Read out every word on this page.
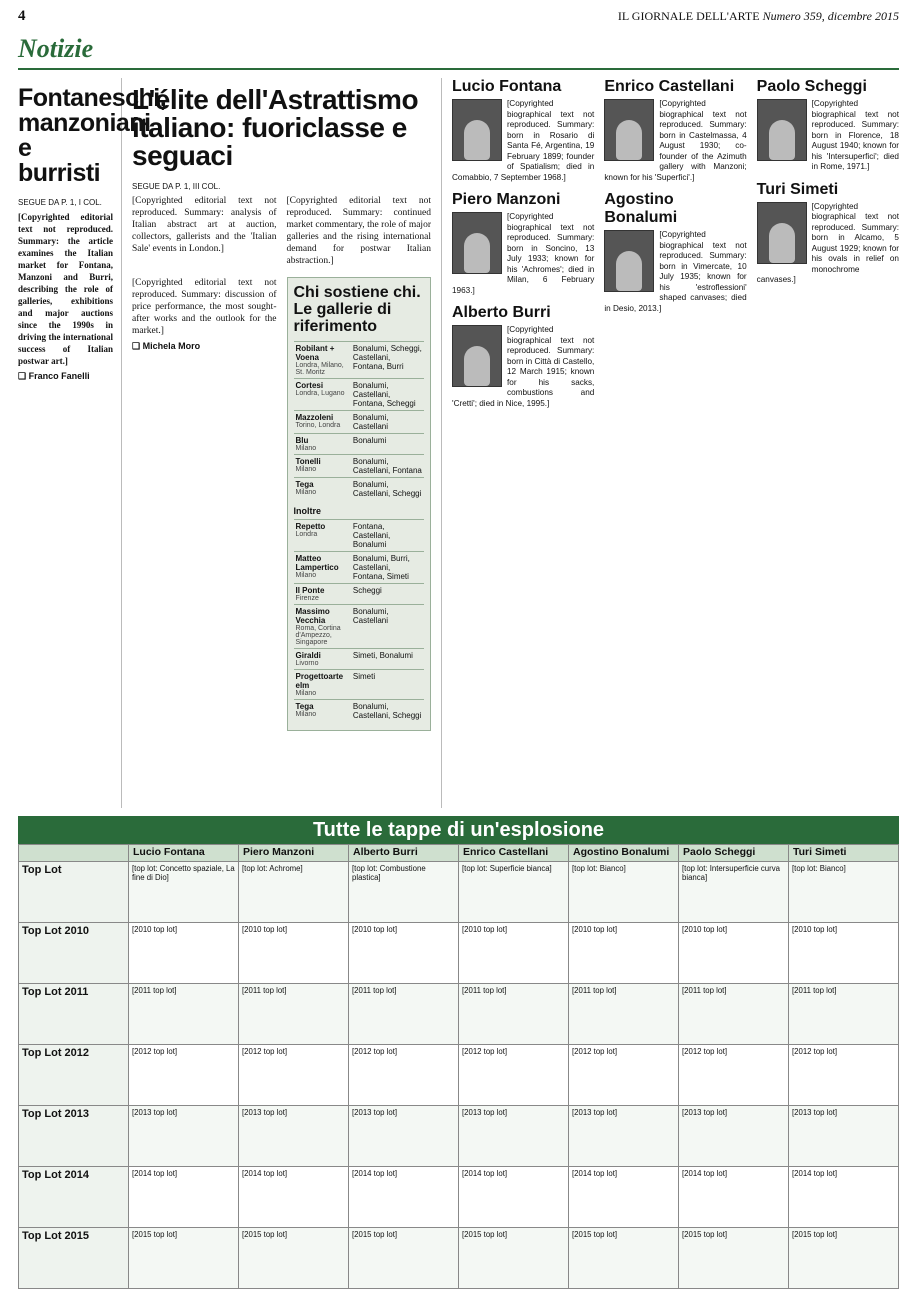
4	IL GIORNALE DELL'ARTE Numero 359, dicembre 2015
Notizie
Fontaneschi, manzoniani e burristi
SEGUE DA P. 1, I COL.
[Copyrighted editorial text not reproduced. Summary: the article examines the Italian market for Fontana, Manzoni and Burri, describing the role of galleries, exhibitions and major auctions since the 1990s in driving the international success of Italian postwar art.]
❑ Franco Fanelli
L'élite dell'Astrattismo italiano: fuoriclasse e seguaci
SEGUE DA P. 1, III COL.
[Copyrighted editorial text not reproduced. Summary: analysis of Italian abstract art at auction, collectors, gallerists and the 'Italian Sale' events in London.]
[Copyrighted editorial text not reproduced. Summary: continued market commentary, the role of major galleries and the rising international demand for postwar Italian abstraction.]
[Copyrighted editorial text not reproduced. Summary: discussion of price performance, the most sought-after works and the outlook for the market.]
❑ Michela Moro
Chi sostiene chi. Le gallerie di riferimento
Robilant + Voena
Londra, Milano, St. Moritz	Bonalumi, Scheggi, Castellani, Fontana, Burri
Cortesi
Londra, Lugano	Bonalumi, Castellani, Fontana, Scheggi
Mazzoleni
Torino, Londra	Bonalumi, Castellani
Blu
Milano	Bonalumi
Tonelli
Milano	Bonalumi, Castellani, Fontana
Tega
Milano	Bonalumi, Castellani, Scheggi
Inoltre
Repetto
Londra	Fontana, Castellani, Bonalumi
Matteo Lampertico
Milano	Bonalumi, Burri, Castellani, Fontana, Simeti
Il Ponte
Firenze	Scheggi
Massimo Vecchia
Roma, Cortina d'Ampezzo, Singapore	Bonalumi, Castellani
Giraldi
Livorno	Simeti, Bonalumi
Progettoarte elm
Milano	Simeti
Tega
Milano	Bonalumi, Castellani, Scheggi
Lucio Fontana
[Copyrighted biographical text not reproduced. Summary: born in Rosario di Santa Fé, Argentina, 19 February 1899; founder of Spatialism; died in Comabbio, 7 September 1968.]
Piero Manzoni
[Copyrighted biographical text not reproduced. Summary: born in Soncino, 13 July 1933; known for his 'Achromes'; died in Milan, 6 February 1963.]
Alberto Burri
[Copyrighted biographical text not reproduced. Summary: born in Città di Castello, 12 March 1915; known for his sacks, combustions and 'Cretti'; died in Nice, 1995.]
Enrico Castellani
[Copyrighted biographical text not reproduced. Summary: born in Castelmassa, 4 August 1930; co-founder of the Azimuth gallery with Manzoni; known for his 'Superfici'.]
Agostino Bonalumi
[Copyrighted biographical text not reproduced. Summary: born in Vimercate, 10 July 1935; known for his 'estroflessioni' shaped canvases; died in Desio, 2013.]
Paolo Scheggi
[Copyrighted biographical text not reproduced. Summary: born in Florence, 18 August 1940; known for his 'Intersuperfici'; died in Rome, 1971.]
Turi Simeti
[Copyrighted biographical text not reproduced. Summary: born in Alcamo, 5 August 1929; known for his ovals in relief on monochrome canvases.]
Tutte le tappe di un'esplosione
	Lucio Fontana	Piero Manzoni	Alberto Burri	Enrico Castellani	Agostino Bonalumi	Paolo Scheggi	Turi Simeti
Top Lot	[top lot: Concetto spaziale, La fine di Dio]	[top lot: Achrome]	[top lot: Combustione plastica]	[top lot: Superficie bianca]	[top lot: Bianco]	[top lot: Intersuperficie curva bianca]	[top lot: Bianco]
Top Lot 2010	[2010 top lot]	[2010 top lot]	[2010 top lot]	[2010 top lot]	[2010 top lot]	[2010 top lot]	[2010 top lot]
Top Lot 2011	[2011 top lot]	[2011 top lot]	[2011 top lot]	[2011 top lot]	[2011 top lot]	[2011 top lot]	[2011 top lot]
Top Lot 2012	[2012 top lot]	[2012 top lot]	[2012 top lot]	[2012 top lot]	[2012 top lot]	[2012 top lot]	[2012 top lot]
Top Lot 2013	[2013 top lot]	[2013 top lot]	[2013 top lot]	[2013 top lot]	[2013 top lot]	[2013 top lot]	[2013 top lot]
Top Lot 2014	[2014 top lot]	[2014 top lot]	[2014 top lot]	[2014 top lot]	[2014 top lot]	[2014 top lot]	[2014 top lot]
Top Lot 2015	[2015 top lot]	[2015 top lot]	[2015 top lot]	[2015 top lot]	[2015 top lot]	[2015 top lot]	[2015 top lot]
